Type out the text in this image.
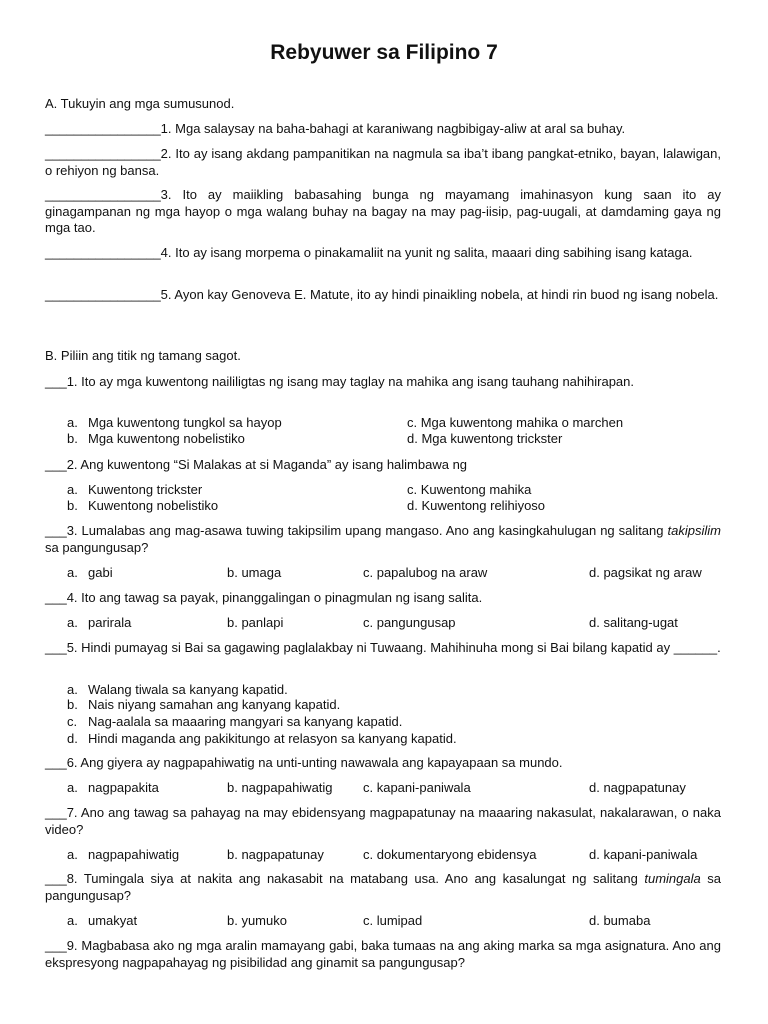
Rebyuwer sa Filipino 7
A. Tukuyin ang mga sumusunod.
________________1. Mga salaysay na baha-bahagi at karaniwang nagbibigay-aliw at aral sa buhay.
________________2. Ito ay isang akdang pampanitikan na nagmula sa iba’t ibang pangkat-etniko, bayan, lalawigan, o rehiyon ng bansa.
________________3. Ito ay maiikling babasahing bunga ng mayamang imahinasyon kung saan ito ay ginagampanan ng mga hayop o mga walang buhay na bagay na may pag-iisip, pag-uugali, at damdaming gaya ng mga tao.
________________4. Ito ay isang morpema o pinakamaliit na yunit ng salita, maaari ding sabihing isang kataga.
________________5. Ayon kay Genoveva E. Matute, ito ay hindi pinaikling nobela, at hindi rin buod ng isang nobela.
B. Piliin ang titik ng tamang sagot.
___1. Ito ay mga kuwentong naililigtas ng isang may taglay na mahika ang isang tauhang nahihirapan.
a. Mga kuwentong tungkol sa hayop
b. Mga kuwentong nobelistiko
c. Mga kuwentong mahika o marchen
d. Mga kuwentong trickster
___2. Ang kuwentong “Si Malakas at si Maganda” ay isang halimbawa ng
a. Kuwentong trickster
b. Kuwentong nobelistiko
c. Kuwentong mahika
d. Kuwentong relihiyoso
___3. Lumalabas ang mag-asawa tuwing takipsilim upang mangaso. Ano ang kasingkahulugan ng salitang takipsilim sa pangungusap?
a. gabi	b. umaga	c. papalubog na araw	d. pagsikat ng araw
___4. Ito ang tawag sa payak, pinanggalingan o pinagmulan ng isang salita.
a. parirala	b. panlapi	c. pangungusap	d. salitang-ugat
___5. Hindi pumayag si Bai sa gagawing paglalakbay ni Tuwaang. Mahihinuha mong si Bai bilang kapatid ay ______.
a. Walang tiwala sa kanyang kapatid.
b. Nais niyang samahan ang kanyang kapatid.
c. Nag-aalala sa maaaring mangyari sa kanyang kapatid.
d. Hindi maganda ang pakikitungo at relasyon sa kanyang kapatid.
___6. Ang giyera ay nagpapahiwatig na unti-unting nawawala ang kapayapaan sa mundo.
a. nagpapakita	b. nagpapahiwatig c. kapani-paniwala	d. nagpapatunay
___7. Ano ang tawag sa pahayag na may ebidensyang magpapatunay na maaaring nakasulat, nakalarawan, o naka video?
a. nagpapahiwatig	b. nagpapatunay	c. dokumentaryong ebidensya	d. kapani-paniwala
___8. Tumingala siya at nakita ang nakasabit na matabang usa. Ano ang kasalungat ng salitang tumingala sa pangungusap?
a. umakyat	b. yumuko	c. lumipad	d. bumaba
___9. Magbabasa ako ng mga aralin mamayang gabi, baka tumaas na ang aking marka sa mga asignatura. Ano ang ekspresyong nagpapahayag ng pisibilidad ang ginamit sa pangungusap?
